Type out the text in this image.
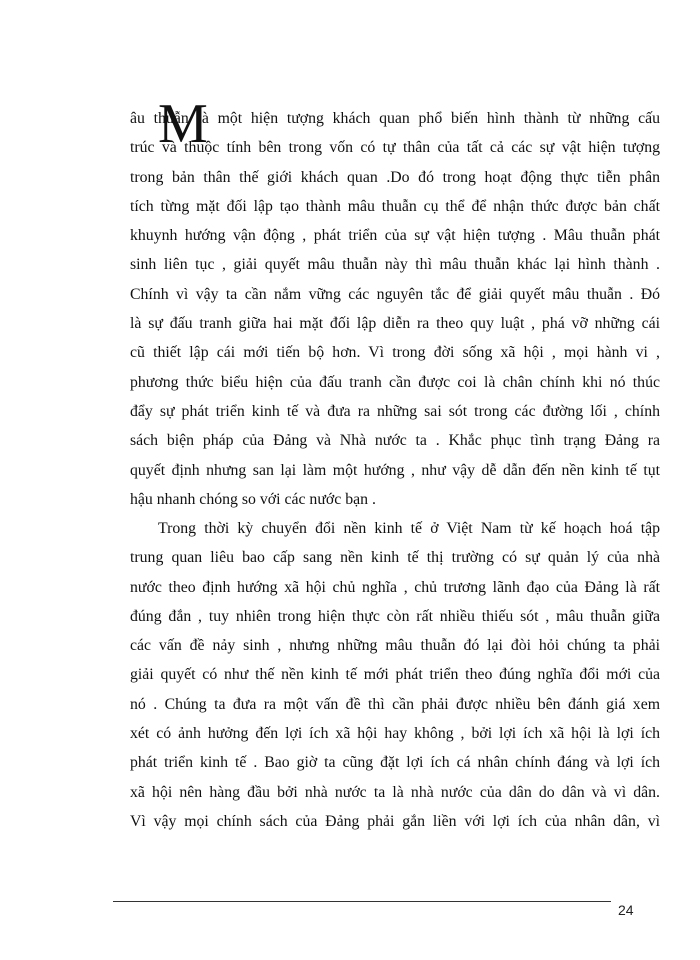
M
âu thuẫn là một hiện tượng khách quan phổ biến hình thành từ những cấu
trúc và thuộc tính bên trong vốn có tự thân của tất cả các sự vật hiện tượng
trong bản thân thế giới khách quan .Do đó trong hoạt động thực tiễn phân
tích từng mặt đối lập tạo thành mâu thuẫn cụ thể để nhận thức được bản chất
khuynh hướng vận động , phát triển của sự vật hiện tượng . Mâu thuẫn phát
sinh liên tục , giải quyết mâu thuẫn này thì mâu thuẫn khác lại hình thành .
Chính vì vậy ta cần nắm vững các nguyên tắc để giải quyết mâu thuẫn . Đó
là sự đấu tranh giữa hai mặt đối lập diễn ra theo quy luật , phá vỡ những cái
cũ thiết lập cái mới tiến bộ hơn. Vì trong đời sống xã hội , mọi hành vi ,
phương thức biểu hiện của đấu tranh cần được coi là chân chính khi nó thúc
đẩy sự phát triển kinh tế và đưa ra những sai sót trong các đường lối , chính
sách biện pháp của Đảng và Nhà nước ta . Khắc phục tình trạng Đảng ra
quyết định nhưng san lại làm một hướng , như vậy dễ dẫn đến nền kinh tế tụt
hậu nhanh chóng so với các nước bạn .
Trong thời kỳ chuyển đổi nền kinh tế ở Việt Nam từ kế hoạch hoá tập
trung quan liêu bao cấp sang nền kinh tế thị trường có sự quản lý của nhà
nước theo định hướng xã hội chủ nghĩa , chủ trương lãnh đạo của Đảng là rất
đúng đắn , tuy nhiên trong hiện thực còn rất nhiều thiếu sót , mâu thuẫn giữa
các vấn đề nảy sinh , nhưng những mâu thuẫn đó lại đòi hỏi chúng ta phải
giải quyết có như thế nền kinh tế mới phát triển theo đúng nghĩa đổi mới của
nó . Chúng ta đưa ra một vấn đề thì cần phải được nhiều bên đánh giá xem
xét có ảnh hưởng đến lợi ích xã hội hay không , bởi lợi ích xã hội là lợi ích
phát triển kinh tế . Bao giờ ta cũng đặt lợi ích cá nhân chính đáng và lợi ích
xã hội nên hàng đầu bởi nhà nước ta là nhà nước của dân do dân và vì dân.
Vì vậy mọi chính sách của Đảng phải gắn liền với lợi ích của nhân dân, vì
24
